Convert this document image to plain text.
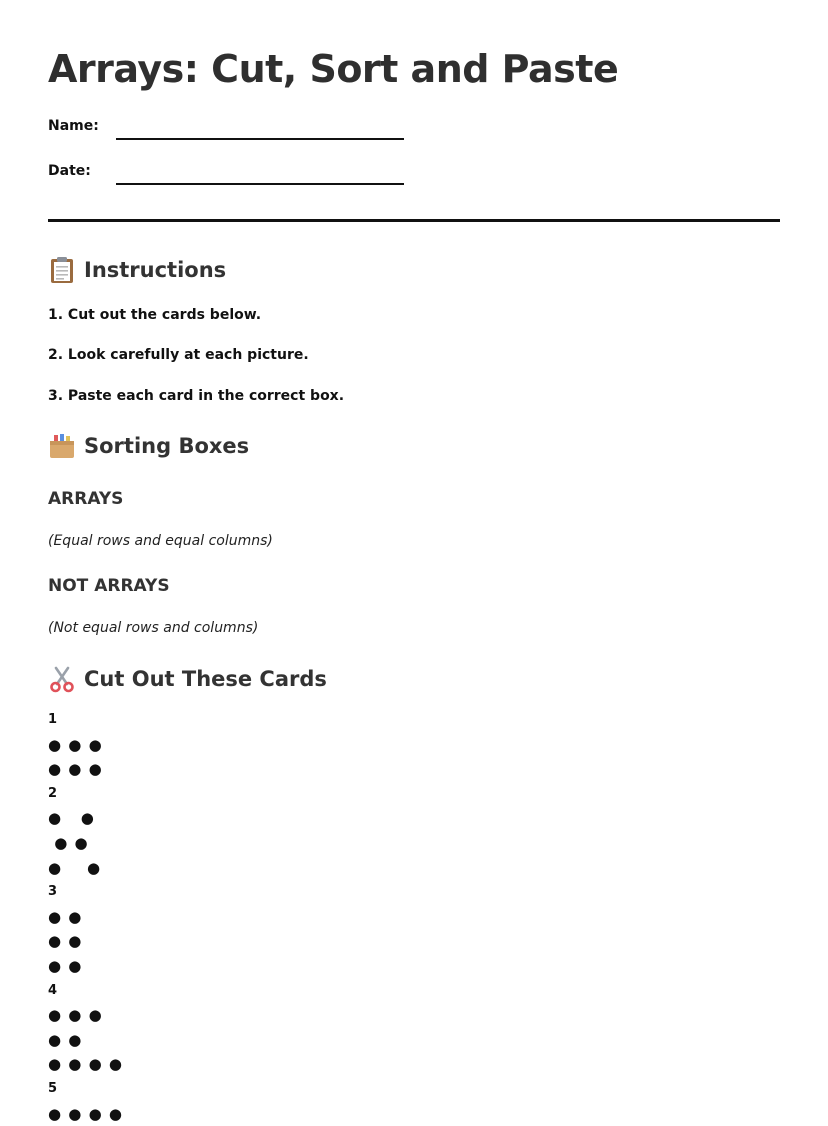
Arrays: Cut, Sort and Paste
Name:
Date:
Instructions
1. Cut out the cards below.
2. Look carefully at each picture.
3. Paste each card in the correct box.
Sorting Boxes
ARRAYS
(Equal rows and equal columns)
NOT ARRAYS
(Not equal rows and columns)
Cut Out These Cards
1
● ● ●
● ● ●
2
●   ●
● ●
●    ●
3
● ●
● ●
● ●
4
● ● ●
● ●
● ● ● ●
5
● ● ● ●
